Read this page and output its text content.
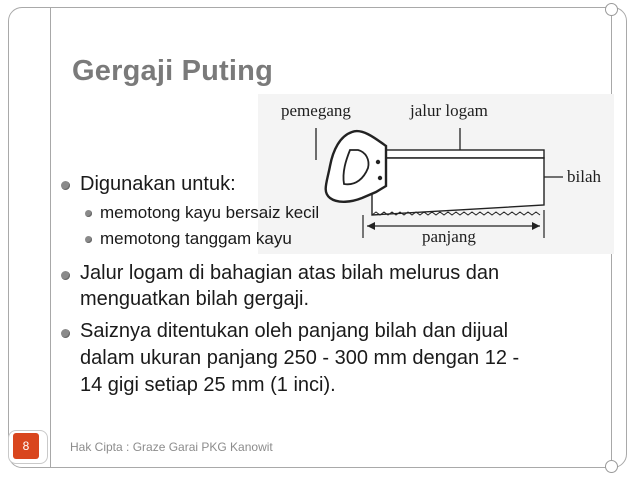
Gergaji Puting
pemegang	jalur logam
bilah
panjang
Digunakan untuk:
memotong kayu bersaiz kecil
memotong tanggam kayu
Jalur logam di bahagian atas bilah melurus dan
menguatkan bilah gergaji.
Saiznya ditentukan oleh panjang bilah dan dijual
dalam ukuran panjang 250 - 300 mm dengan 12 -
14 gigi setiap 25 mm (1 inci).
8	Hak Cipta : Graze Garai PKG Kanowit
